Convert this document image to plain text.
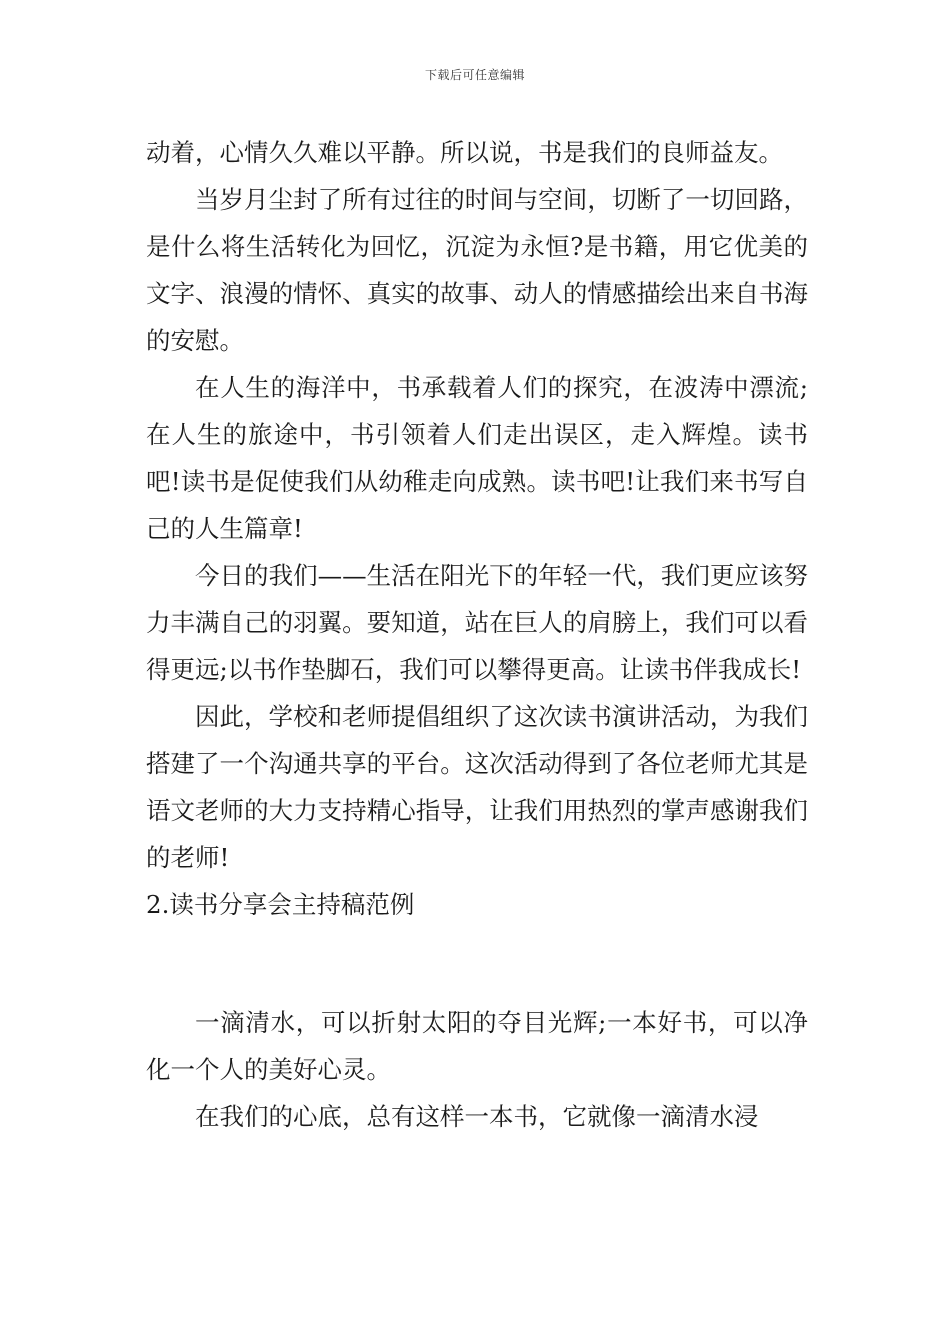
下载后可任意编辑

动着，心情久久难以平静。所以说，书是我们的良师益友。

当岁月尘封了所有过往的时间与空间，切断了一切回路，是什么将生活转化为回忆，沉淀为永恒?是书籍，用它优美的文字、浪漫的情怀、真实的故事、动人的情感描绘出来自书海的安慰。

在人生的海洋中，书承载着人们的探究，在波涛中漂流;在人生的旅途中，书引领着人们走出误区，走入辉煌。读书吧!读书是促使我们从幼稚走向成熟。读书吧!让我们来书写自己的人生篇章!

今日的我们——生活在阳光下的年轻一代，我们更应该努力丰满自己的羽翼。要知道，站在巨人的肩膀上，我们可以看得更远;以书作垫脚石，我们可以攀得更高。让读书伴我成长!

因此，学校和老师提倡组织了这次读书演讲活动，为我们搭建了一个沟通共享的平台。这次活动得到了各位老师尤其是语文老师的大力支持精心指导，让我们用热烈的掌声感谢我们的老师!

2.读书分享会主持稿范例

一滴清水，可以折射太阳的夺目光辉;一本好书，可以净化一个人的美好心灵。

在我们的心底，总有这样一本书，它就像一滴清水浸
